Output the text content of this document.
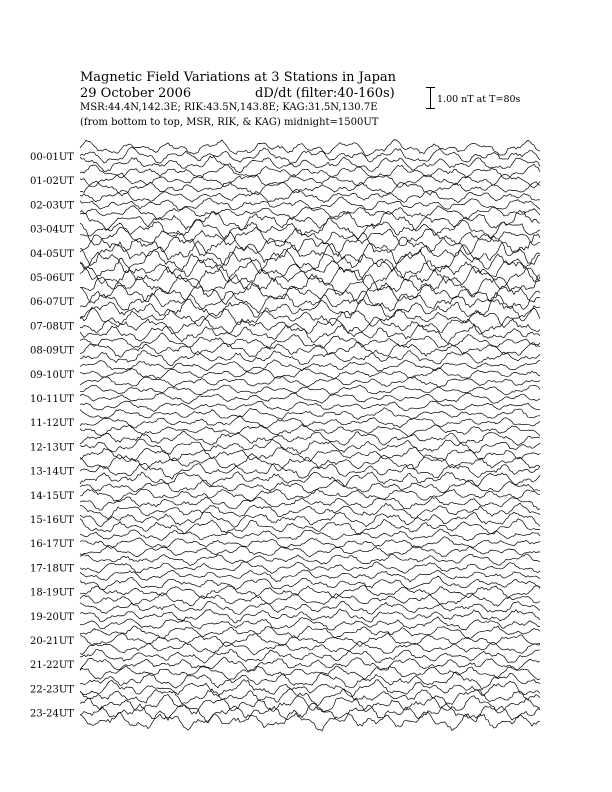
Magnetic Field Variations at 3 Stations in Japan
29 October 2006	dD/dt (filter:40-160s)
MSR:44.4N,142.3E; RIK:43.5N,143.8E; KAG:31.5N,130.7E
(from bottom to top, MSR, RIK, & KAG) midnight=1500UT
1.00 nT at T=80s
00-01UT
01-02UT
02-03UT
03-04UT
04-05UT
05-06UT
06-07UT
07-08UT
08-09UT
09-10UT
10-11UT
11-12UT
12-13UT
13-14UT
14-15UT
15-16UT
16-17UT
17-18UT
18-19UT
19-20UT
20-21UT
21-22UT
22-23UT
23-24UT
